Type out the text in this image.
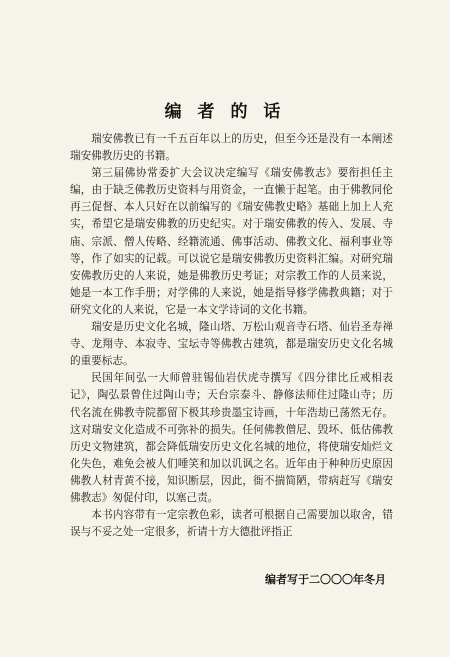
编 者 的 话

瑞安佛教已有一千五百年以上的历史，但至今还是没有一本阐述瑞安佛教历史的书籍。

第三届佛协常委扩大会议决定编写《瑞安佛教志》要衔担任主编，由于缺乏佛教历史资料与用资金，一直懒于起笔。由于佛教同伦再三促督、本人只好在以前编写的《瑞安佛教史略》基础上加上人充实，希望它是瑞安佛教的历史纪实。对于瑞安佛教的传入、发展、寺庙、宗派、僧人传略、经籍流通、佛事活动、佛教文化、福利事业等等，作了如实的记载。可以说它是瑞安佛教历史资料汇编。对研究瑞安佛教历史的人来说，她是佛教历史考证；对宗教工作的人员来说，她是一本工作手册；对学佛的人来说，她是指导修学佛教典籍；对于研究文化的人来说，它是一本文学诗词的文化书籍。

瑞安是历史文化名城，隆山塔、万松山观音寺石塔、仙岩圣寿禅寺、龙翔寺、本寂寺、宝坛寺等佛教古建筑，都是瑞安历史文化名城的重要标志。

民国年间弘一大师曾驻锡仙岩伏虎寺撰写《四分律比丘戒相表记》，陶弘景曾住过陶山寺；天台宗泰斗、静修法师住过隆山寺；历代名流在佛教寺院都留下极其珍贵墨宝诗画，十年浩劫已荡然无存。这对瑞安文化造成不可弥补的损失。任何佛教僧尼、毁坏、低估佛教历史文物建筑，都会降低瑞安历史文化名城的地位，将使瑞安灿烂文化失色，难免会被人们唾笑和加以讥讽之名。近年由于种种历史原因佛教人材青黄不接，知识断层，因此，衙不揣简陋，带病赶写《瑞安佛教志》匆促付印，以塞己责。

本书内容带有一定宗教色彩，读者可根据自己需要加以取舍，错误与不妥之处一定很多，祈请十方大德批评指正

编者写于二〇〇〇年冬月
